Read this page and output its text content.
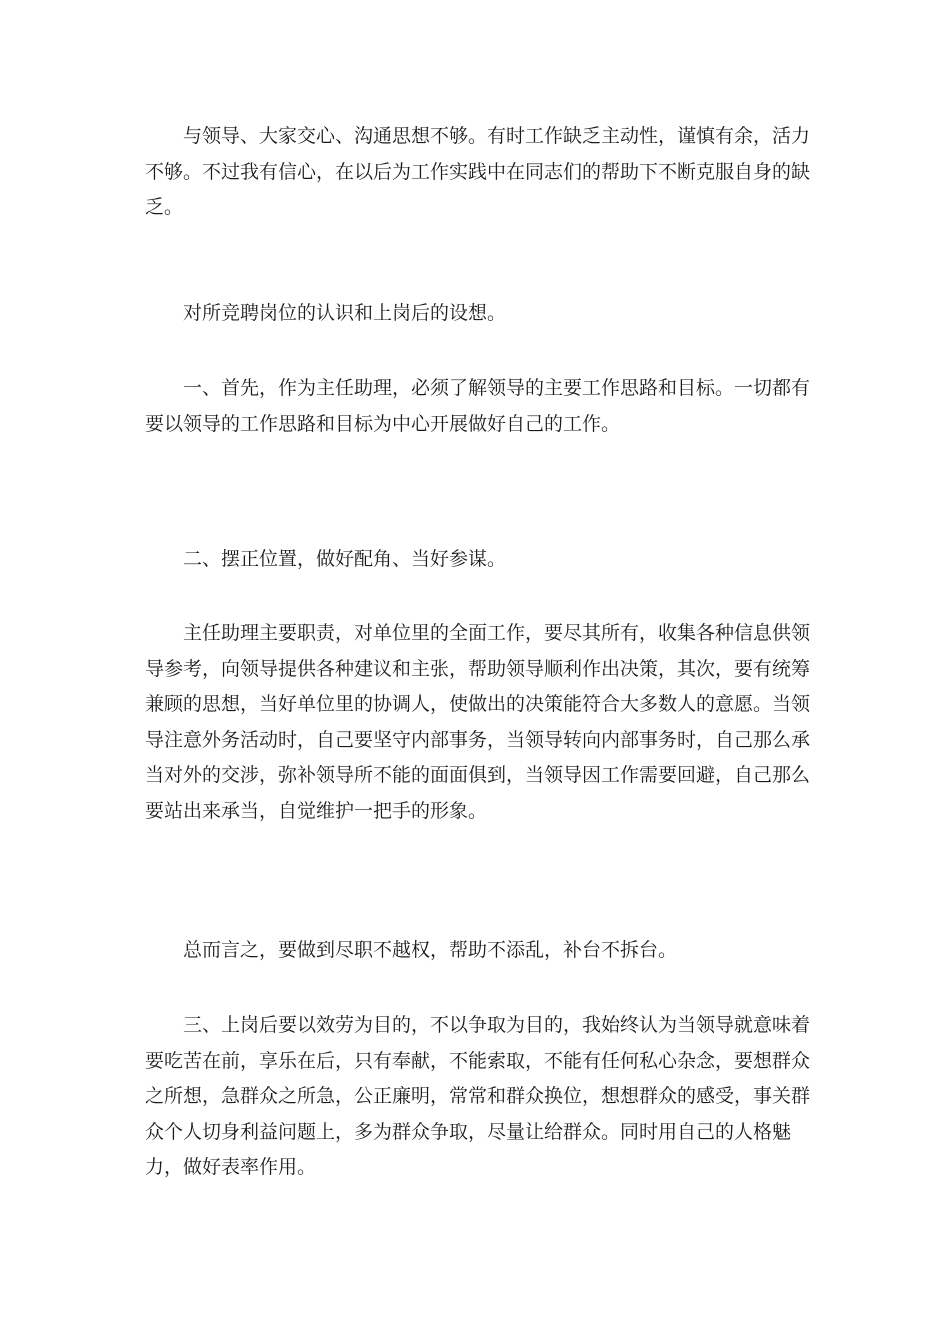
与领导、大家交心、沟通思想不够。有时工作缺乏主动性，谨慎有余，活力不够。不过我有信心，在以后为工作实践中在同志们的帮助下不断克服自身的缺乏。

对所竞聘岗位的认识和上岗后的设想。

一、首先，作为主任助理，必须了解领导的主要工作思路和目标。一切都有要以领导的工作思路和目标为中心开展做好自己的工作。

二、摆正位置，做好配角、当好参谋。

主任助理主要职责，对单位里的全面工作，要尽其所有，收集各种信息供领导参考，向领导提供各种建议和主张，帮助领导顺利作出决策，其次，要有统筹兼顾的思想，当好单位里的协调人，使做出的决策能符合大多数人的意愿。当领导注意外务活动时，自己要坚守内部事务，当领导转向内部事务时，自己那么承当对外的交涉，弥补领导所不能的面面俱到，当领导因工作需要回避，自己那么要站出来承当，自觉维护一把手的形象。

总而言之，要做到尽职不越权，帮助不添乱，补台不拆台。

三、上岗后要以效劳为目的，不以争取为目的，我始终认为当领导就意味着要吃苦在前，享乐在后，只有奉献，不能索取，不能有任何私心杂念，要想群众之所想，急群众之所急，公正廉明，常常和群众换位，想想群众的感受，事关群众个人切身利益问题上，多为群众争取，尽量让给群众。同时用自己的人格魅力，做好表率作用。
